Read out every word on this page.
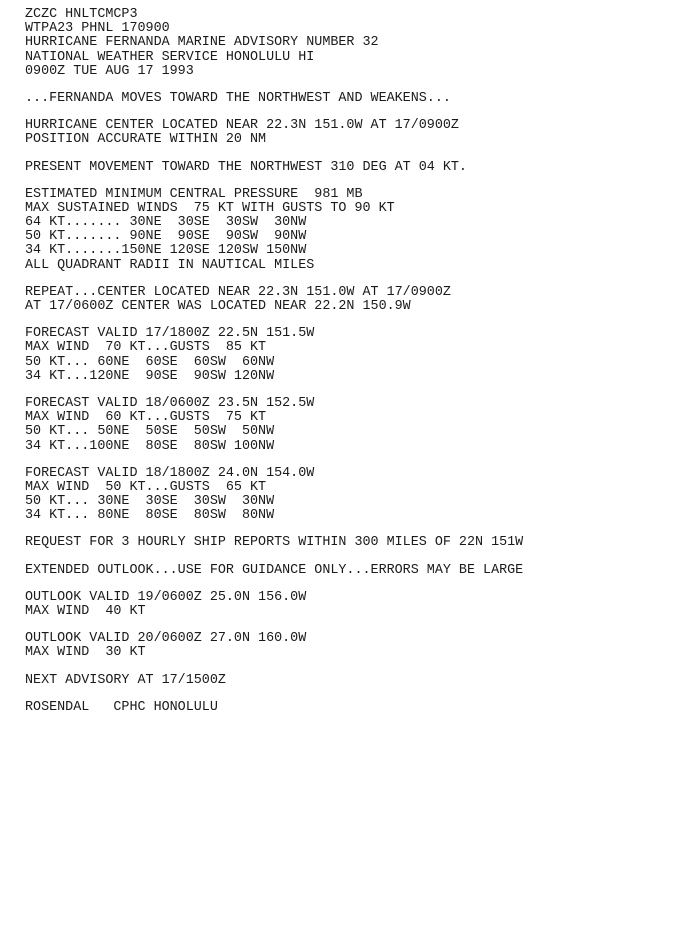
ZCZC HNLTCMCP3
WTPA23 PHNL 170900
HURRICANE FERNANDA MARINE ADVISORY NUMBER 32
NATIONAL WEATHER SERVICE HONOLULU HI
0900Z TUE AUG 17 1993
...FERNANDA MOVES TOWARD THE NORTHWEST AND WEAKENS...
HURRICANE CENTER LOCATED NEAR 22.3N 151.0W AT 17/0900Z
POSITION ACCURATE WITHIN 20 NM
PRESENT MOVEMENT TOWARD THE NORTHWEST 310 DEG AT 04 KT.
ESTIMATED MINIMUM CENTRAL PRESSURE  981 MB
MAX SUSTAINED WINDS  75 KT WITH GUSTS TO 90 KT
64 KT....... 30NE  30SE  30SW  30NW
50 KT....... 90NE  90SE  90SW  90NW
34 KT.......150NE 120SE 120SW 150NW
ALL QUADRANT RADII IN NAUTICAL MILES
REPEAT...CENTER LOCATED NEAR 22.3N 151.0W AT 17/0900Z
AT 17/0600Z CENTER WAS LOCATED NEAR 22.2N 150.9W
FORECAST VALID 17/1800Z 22.5N 151.5W
MAX WIND  70 KT...GUSTS  85 KT
50 KT... 60NE  60SE  60SW  60NW
34 KT...120NE  90SE  90SW 120NW
FORECAST VALID 18/0600Z 23.5N 152.5W
MAX WIND  60 KT...GUSTS  75 KT
50 KT... 50NE  50SE  50SW  50NW
34 KT...100NE  80SE  80SW 100NW
FORECAST VALID 18/1800Z 24.0N 154.0W
MAX WIND  50 KT...GUSTS  65 KT
50 KT... 30NE  30SE  30SW  30NW
34 KT... 80NE  80SE  80SW  80NW
REQUEST FOR 3 HOURLY SHIP REPORTS WITHIN 300 MILES OF 22N 151W
EXTENDED OUTLOOK...USE FOR GUIDANCE ONLY...ERRORS MAY BE LARGE
OUTLOOK VALID 19/0600Z 25.0N 156.0W
MAX WIND  40 KT
OUTLOOK VALID 20/0600Z 27.0N 160.0W
MAX WIND  30 KT
NEXT ADVISORY AT 17/1500Z
ROSENDAL   CPHC HONOLULU
